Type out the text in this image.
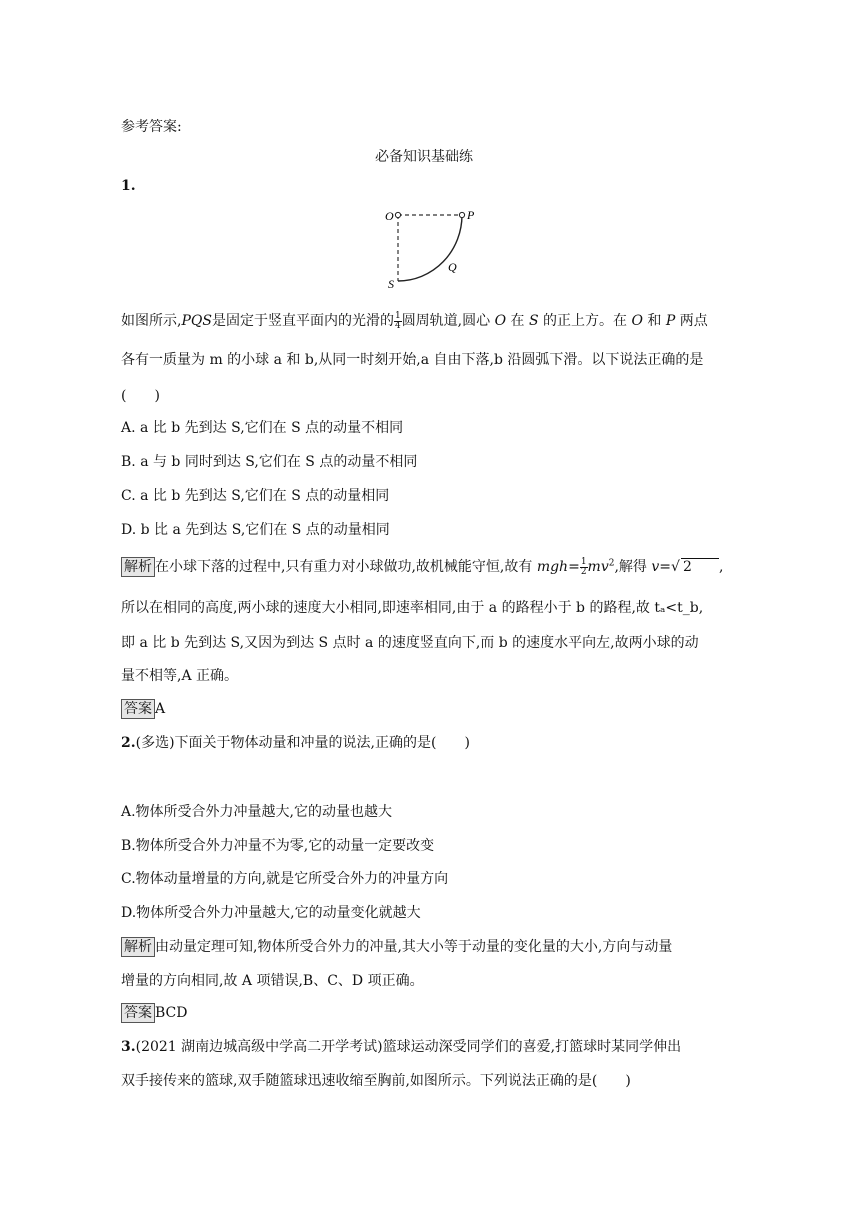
参考答案:
必备知识基础练
1.
O	P
S
Q
如图所示,PQS是固定于竖直平面内的光滑的 $\frac{1}{4}$ 圆周轨道,圆心 O 在 S 的正上方。在 O 和 P 两点
各有一质量为 m 的小球 a 和 b,从同一时刻开始,a 自由下落,b 沿圆弧下滑。以下说法正确的是
(　　)
A. a 比 b 先到达 S,它们在 S 点的动量不相同
B. a 与 b 同时到达 S,它们在 S 点的动量不相同
C. a 比 b 先到达 S,它们在 S 点的动量相同
D. b 比 a 先到达 S,它们在 S 点的动量相同
解析 在小球下落的过程中,只有重力对小球做功,故机械能守恒,故有 $mgh= \frac{1}{2} mv^2$,解得 v=√ 2 ,
所以在相同的高度,两小球的速度大小相同,即速率相同,由于 a 的路程小于 b 的路程,故 tₐ<t_b,
即 a 比 b 先到达 S,又因为到达 S 点时 a 的速度竖直向下,而 b 的速度水平向左,故两小球的动
量不相等,A 正确。
答案 A
2.(多选)下面关于物体动量和冲量的说法,正确的是(　　)
A.物体所受合外力冲量越大,它的动量也越大
B.物体所受合外力冲量不为零,它的动量一定要改变
C.物体动量增量的方向,就是它所受合外力的冲量方向
D.物体所受合外力冲量越大,它的动量变化就越大
解析 由动量定理可知,物体所受合外力的冲量,其大小等于动量的变化量的大小,方向与动量
增量的方向相同,故 A 项错误,B、C、D 项正确。
答案 BCD
3.(2021 湖南边城高级中学高二开学考试)篮球运动深受同学们的喜爱,打篮球时某同学伸出
双手接传来的篮球,双手随篮球迅速收缩至胸前,如图所示。下列说法正确的是(　　)
